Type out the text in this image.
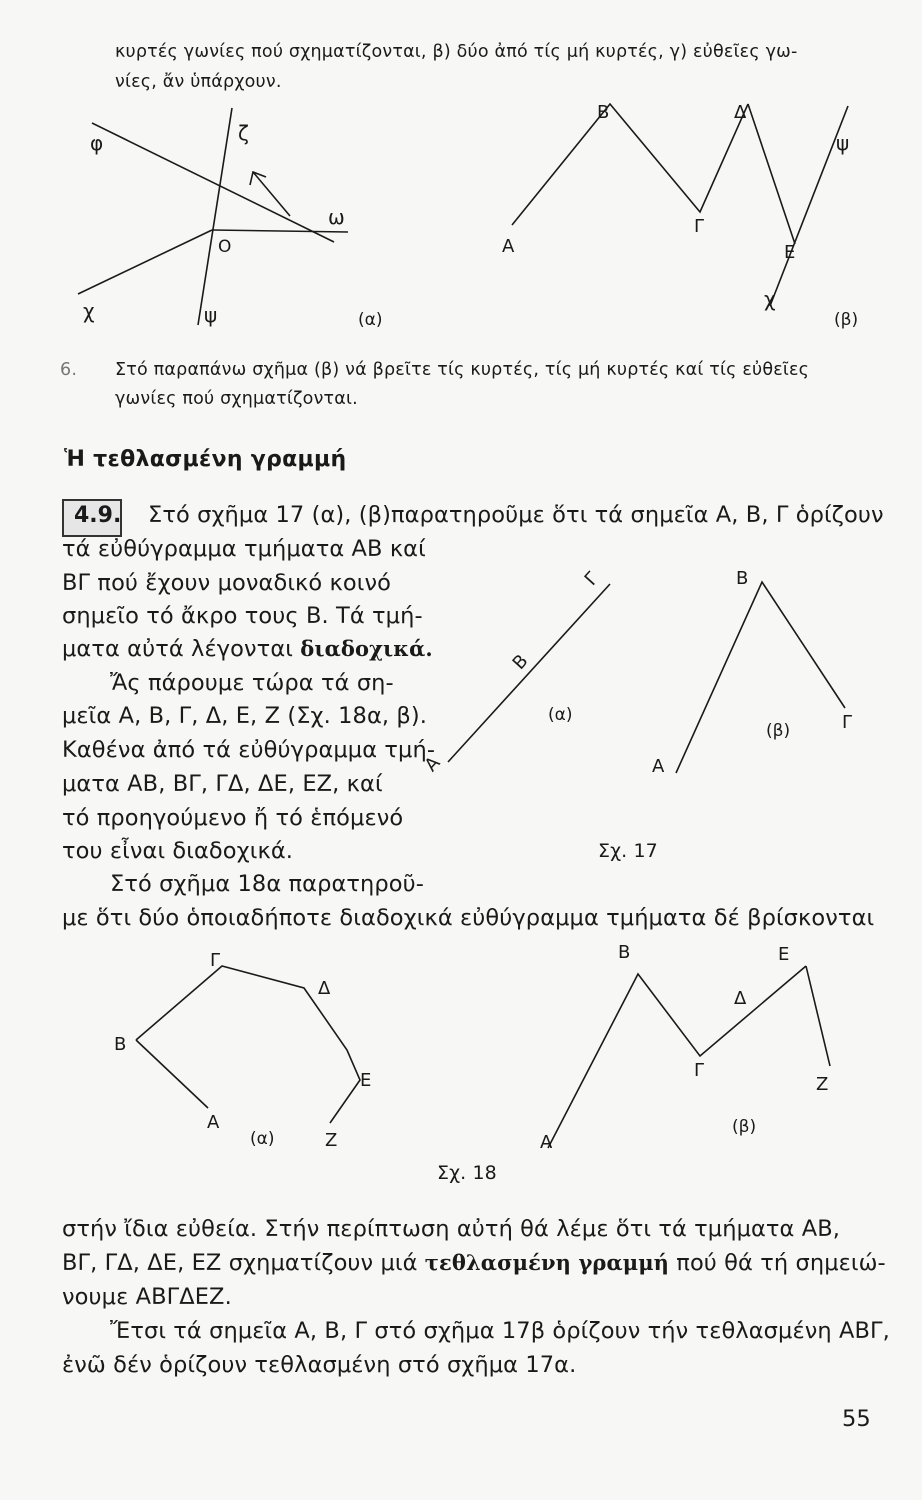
κυρτές γωνίες πού σχηματίζονται, β) δύο ἀπό τίς μή κυρτές, γ) εὐθεῖες γω-
νίες, ἄν ὑπάρχουν.
φ	ζ
ω
O
χ	ψ	(α)
B	Δ
ψ
Γ
A	E
χ
(β)
Γ
B
A
(α)
B
Γ
(β)
A
Γ
Δ
B
E
A
(α)	Z
B	E
Δ
Γ
Z
A
(β)
6. Στό παραπάνω σχῆμα (β) νά βρεῖτε τίς κυρτές, τίς μή κυρτές καί τίς εὐθεῖες
γωνίες πού σχηματίζονται.
Ἡ τεθλασμένη γραμμή
4.9. Στό σχῆμα 17 (α), (β)παρατηροῦμε ὅτι τά σημεῖα Α, Β, Γ ὁρίζουν
τά εὐθύγραμμα τμήματα ΑΒ καί
ΒΓ πού ἔχουν μοναδικό κοινό
σημεῖο τό ἄκρο τους Β. Τά τμή-
ματα αὐτά λέγονται διαδοχικά.
Ἄς πάρουμε τώρα τά ση-
μεῖα Α, Β, Γ, Δ, Ε, Ζ (Σχ. 18α, β).
Καθένα ἀπό τά εὐθύγραμμα τμή-
ματα ΑΒ, ΒΓ, ΓΔ, ΔΕ, ΕΖ, καί
τό προηγούμενο ἤ τό ἑπόμενό
του εἶναι διαδοχικά.
Στό σχῆμα 18α παρατηροῦ-
με ὅτι δύο ὁποιαδήποτε διαδοχικά εὐθύγραμμα τμήματα δέ βρίσκονται
Σχ. 17
Σχ. 18
στήν ἴδια εὐθεία. Στήν περίπτωση αὐτή θά λέμε ὅτι τά τμήματα ΑΒ,
ΒΓ, ΓΔ, ΔΕ, ΕΖ σχηματίζουν μιά τεθλασμένη γραμμή πού θά τή σημειώ-
νουμε ΑΒΓΔΕΖ.
Ἔτσι τά σημεῖα Α, Β, Γ στό σχῆμα 17β ὁρίζουν τήν τεθλασμένη ΑΒΓ,
ἐνῶ δέν ὁρίζουν τεθλασμένη στό σχῆμα 17α.
55
